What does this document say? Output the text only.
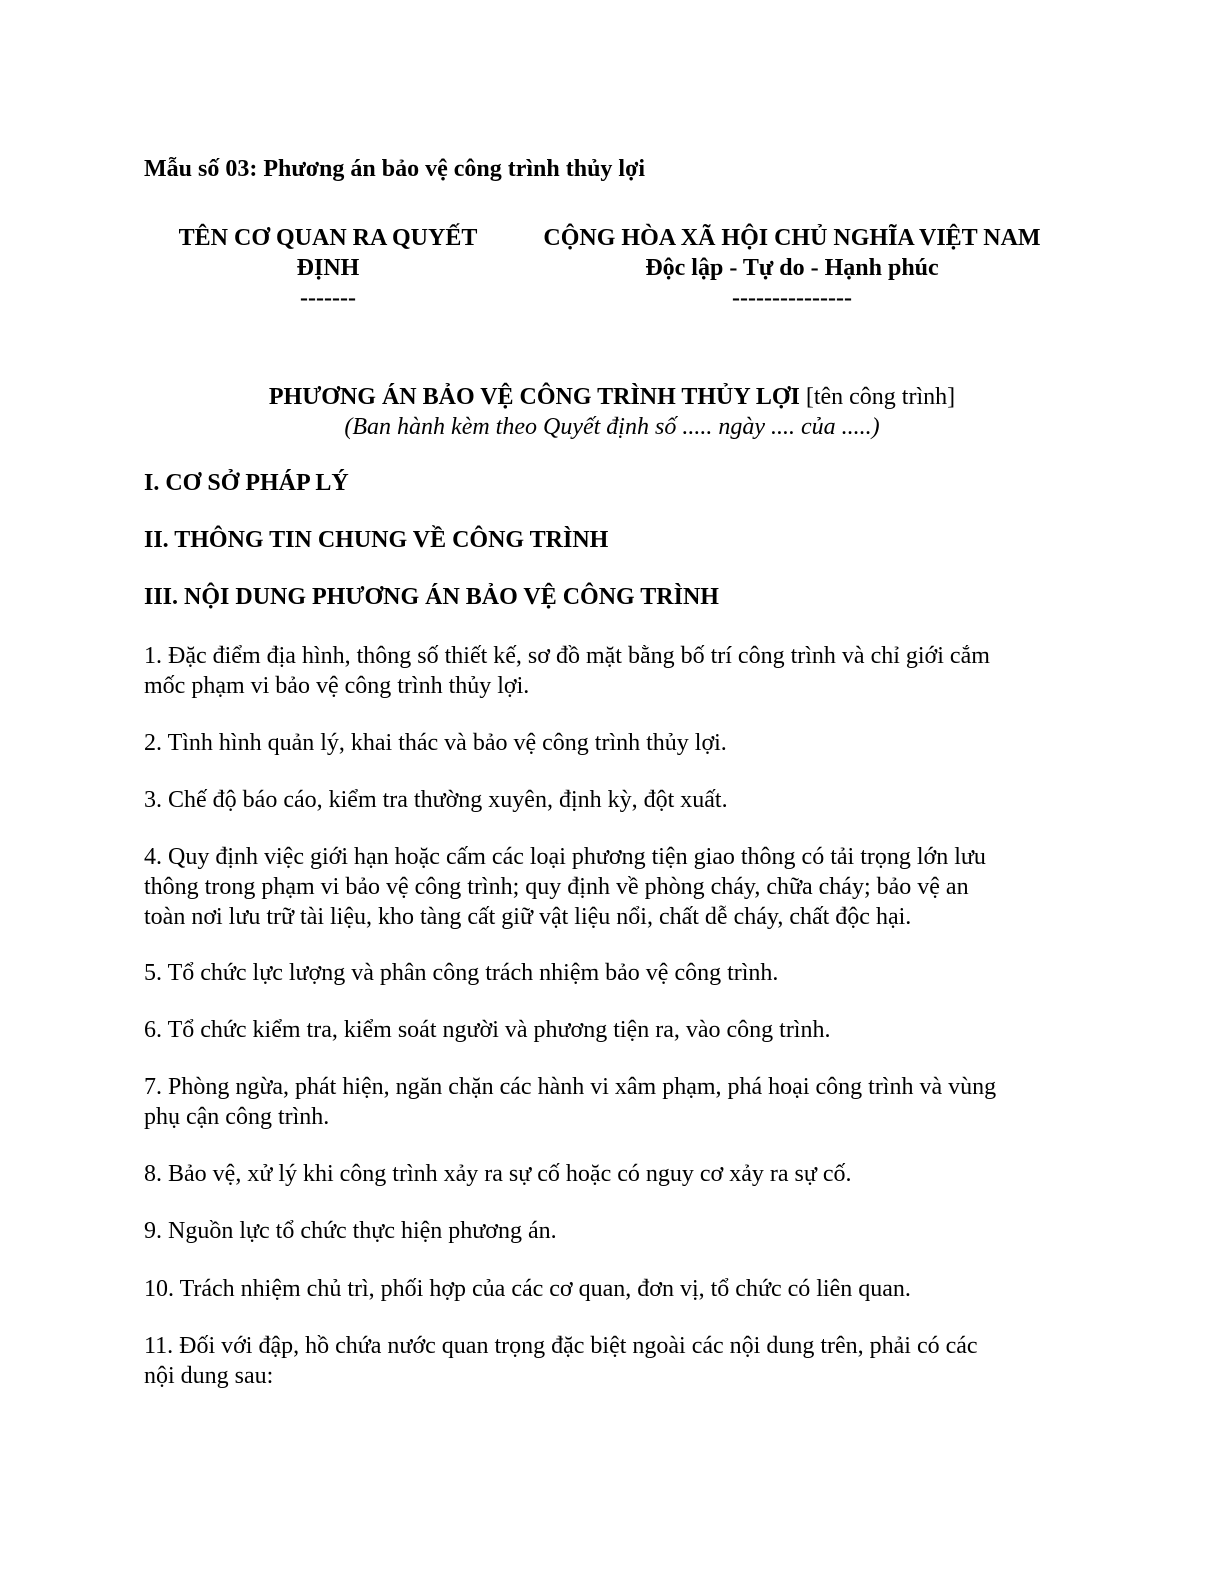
Mẫu số 03: Phương án bảo vệ công trình thủy lợi
TÊN CƠ QUAN RA QUYẾT
ĐỊNH
-------
CỘNG HÒA XÃ HỘI CHỦ NGHĨA VIỆT NAM
Độc lập - Tự do - Hạnh phúc
---------------
PHƯƠNG ÁN BẢO VỆ CÔNG TRÌNH THỦY LỢI [tên công trình]
(Ban hành kèm theo Quyết định số ..... ngày .... của .....)
I. CƠ SỞ PHÁP LÝ
II. THÔNG TIN CHUNG VỀ CÔNG TRÌNH
III. NỘI DUNG PHƯƠNG ÁN BẢO VỆ CÔNG TRÌNH
1. Đặc điểm địa hình, thông số thiết kế, sơ đồ mặt bằng bố trí công trình và chỉ giới cắm
mốc phạm vi bảo vệ công trình thủy lợi.
2. Tình hình quản lý, khai thác và bảo vệ công trình thủy lợi.
3. Chế độ báo cáo, kiểm tra thường xuyên, định kỳ, đột xuất.
4. Quy định việc giới hạn hoặc cấm các loại phương tiện giao thông có tải trọng lớn lưu
thông trong phạm vi bảo vệ công trình; quy định về phòng cháy, chữa cháy; bảo vệ an
toàn nơi lưu trữ tài liệu, kho tàng cất giữ vật liệu nổi, chất dễ cháy, chất độc hại.
5. Tổ chức lực lượng và phân công trách nhiệm bảo vệ công trình.
6. Tổ chức kiểm tra, kiểm soát người và phương tiện ra, vào công trình.
7. Phòng ngừa, phát hiện, ngăn chặn các hành vi xâm phạm, phá hoại công trình và vùng
phụ cận công trình.
8. Bảo vệ, xử lý khi công trình xảy ra sự cố hoặc có nguy cơ xảy ra sự cố.
9. Nguồn lực tổ chức thực hiện phương án.
10. Trách nhiệm chủ trì, phối hợp của các cơ quan, đơn vị, tổ chức có liên quan.
11. Đối với đập, hồ chứa nước quan trọng đặc biệt ngoài các nội dung trên, phải có các
nội dung sau:
